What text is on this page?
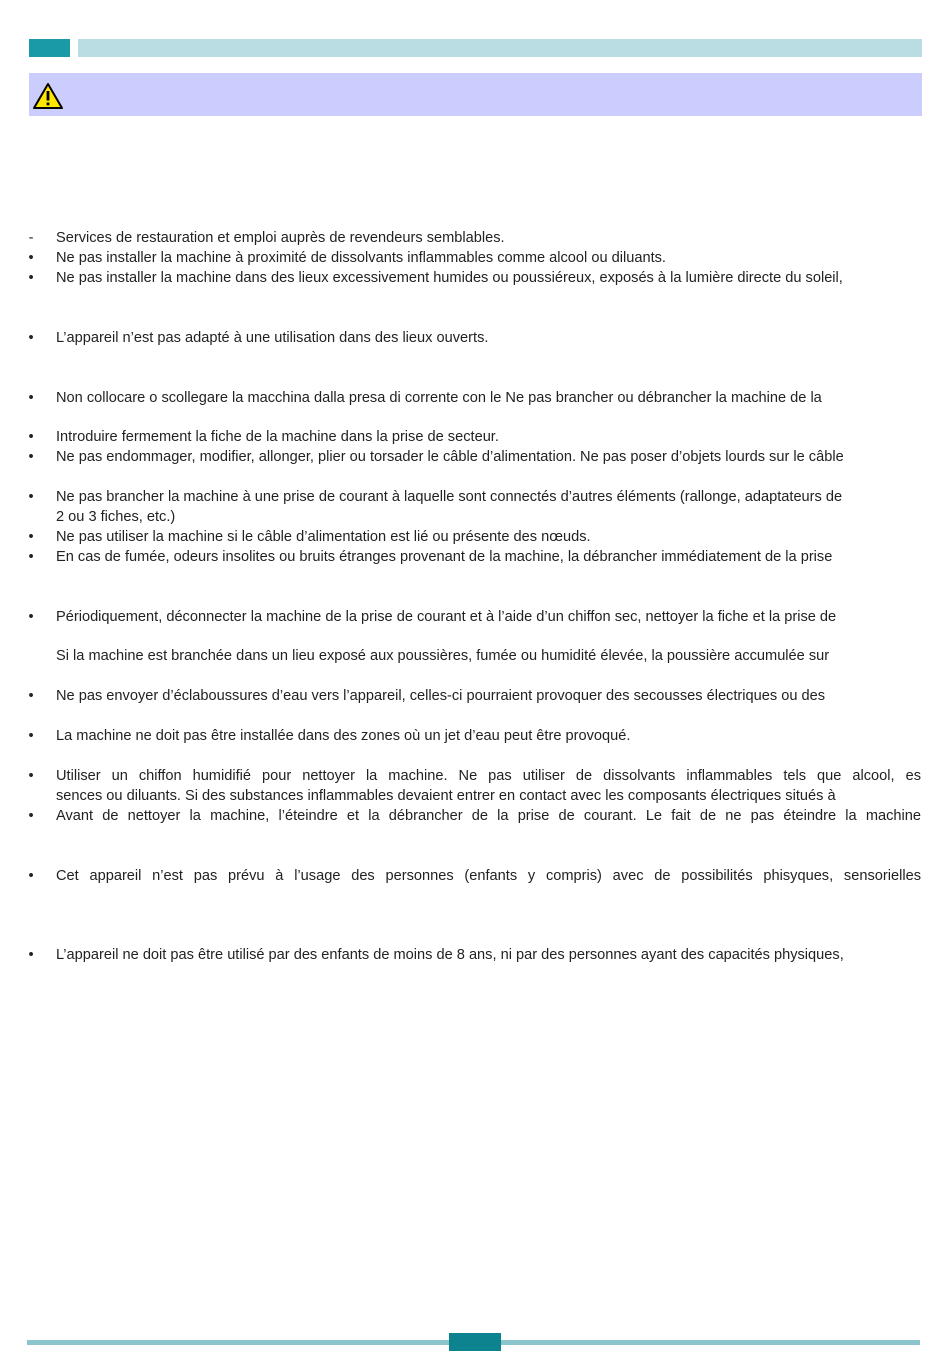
- Services de restauration et emploi auprès de revendeurs semblables.
• Ne pas installer la machine à proximité de dissolvants inflammables comme alcool ou diluants.
• Ne pas installer la machine dans des lieux excessivement humides ou poussiéreux, exposés à la lumière directe du soleil,
• L’appareil n’est pas adapté à une utilisation dans des lieux ouverts.
• Non collocare o scollegare la macchina dalla presa di corrente con le Ne pas brancher ou débrancher la machine de la
• Introduire fermement la fiche de la machine dans la prise de secteur.
• Ne pas endommager, modifier, allonger, plier ou torsader le câble d’alimentation. Ne pas poser d’objets lourds sur le câble
• Ne pas brancher la machine à une prise de courant à laquelle sont connectés d’autres éléments (rallonge, adaptateurs de
2 ou 3 fiches, etc.)
• Ne pas utiliser la machine si le câble d’alimentation est lié ou présente des nœuds.
• En cas de fumée, odeurs insolites ou bruits étranges provenant de la machine, la débrancher immédiatement de la prise
• Périodiquement, déconnecter la machine de la prise de courant et à l’aide d’un chiffon sec, nettoyer la fiche et la prise de
Si la machine est branchée dans un lieu exposé aux poussières, fumée ou humidité élevée, la poussière accumulée sur
• Ne pas envoyer d’éclaboussures d’eau vers l’appareil, celles-ci pourraient provoquer des secousses électriques ou des
• La machine ne doit pas être installée dans des zones où un jet d’eau peut être provoqué.
• Utiliser un chiffon humidifié pour nettoyer la machine. Ne pas utiliser de dissolvants inflammables tels que alcool, es
sences ou diluants. Si des substances inflammables devaient entrer en contact avec les composants électriques situés à
• Avant de nettoyer la machine, l’éteindre et la débrancher de la prise de courant. Le fait de ne pas éteindre la machine
• Cet appareil n’est pas prévu à l’usage des personnes (enfants y compris) avec de possibilités phisyques, sensorielles
• L’appareil ne doit pas être utilisé par des enfants de moins de 8 ans, ni par des personnes ayant des capacités physiques,
